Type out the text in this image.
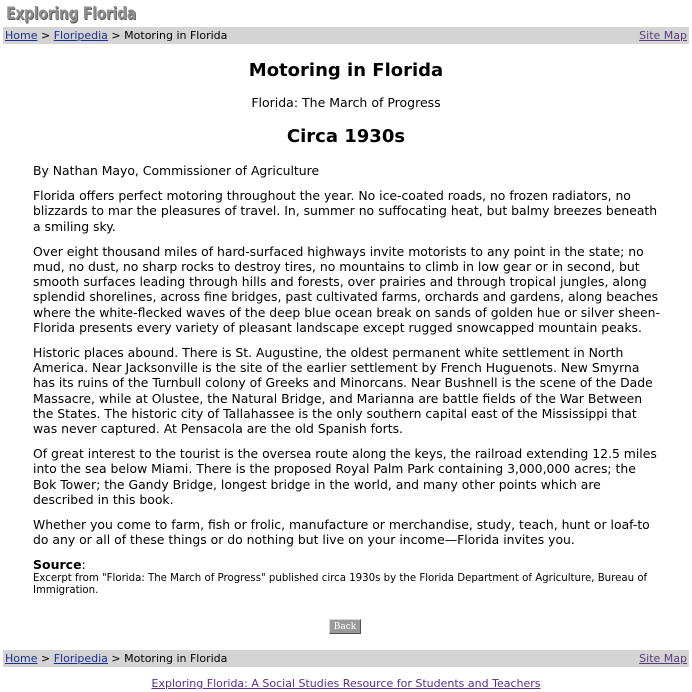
Exploring Florida
Home > Floripedia > Motoring in Florida	Site Map
Motoring in Florida
Florida: The March of Progress
Circa 1930s

By Nathan Mayo, Commissioner of Agriculture

Florida offers perfect motoring throughout the year. No ice-coated roads, no frozen radiators, no blizzards to mar the pleasures of travel. In, summer no suffocating heat, but balmy breezes beneath a smiling sky.

Over eight thousand miles of hard-surfaced highways invite motorists to any point in the state; no mud, no dust, no sharp rocks to destroy tires, no mountains to climb in low gear or in second, but smooth surfaces leading through hills and forests, over prairies and through tropical jungles, along splendid shorelines, across fine bridges, past cultivated farms, orchards and gardens, along beaches where the white-flecked waves of the deep blue ocean break on sands of golden hue or silver sheen-Florida presents every variety of pleasant landscape except rugged snowcapped mountain peaks.

Historic places abound. There is St. Augustine, the oldest permanent white settlement in North America. Near Jacksonville is the site of the earlier settlement by French Huguenots. New Smyrna has its ruins of the Turnbull colony of Greeks and Minorcans. Near Bushnell is the scene of the Dade Massacre, while at Olustee, the Natural Bridge, and Marianna are battle fields of the War Between the States. The historic city of Tallahassee is the only southern capital east of the Mississippi that was never captured. At Pensacola are the old Spanish forts.

Of great interest to the tourist is the oversea route along the keys, the railroad extending 12.5 miles into the sea below Miami. There is the proposed Royal Palm Park containing 3,000,000 acres; the Bok Tower; the Gandy Bridge, longest bridge in the world, and many other points which are described in this book.

Whether you come to farm, fish or frolic, manufacture or merchandise, study, teach, hunt or loaf-to do any or all of these things or do nothing but live on your income—Florida invites you.

Source:
Excerpt from "Florida: The March of Progress" published circa 1930s by the Florida Department of Agriculture, Bureau of Immigration.
Back
Home > Floripedia > Motoring in Florida	Site Map
Exploring Florida: A Social Studies Resource for Students and Teachers
